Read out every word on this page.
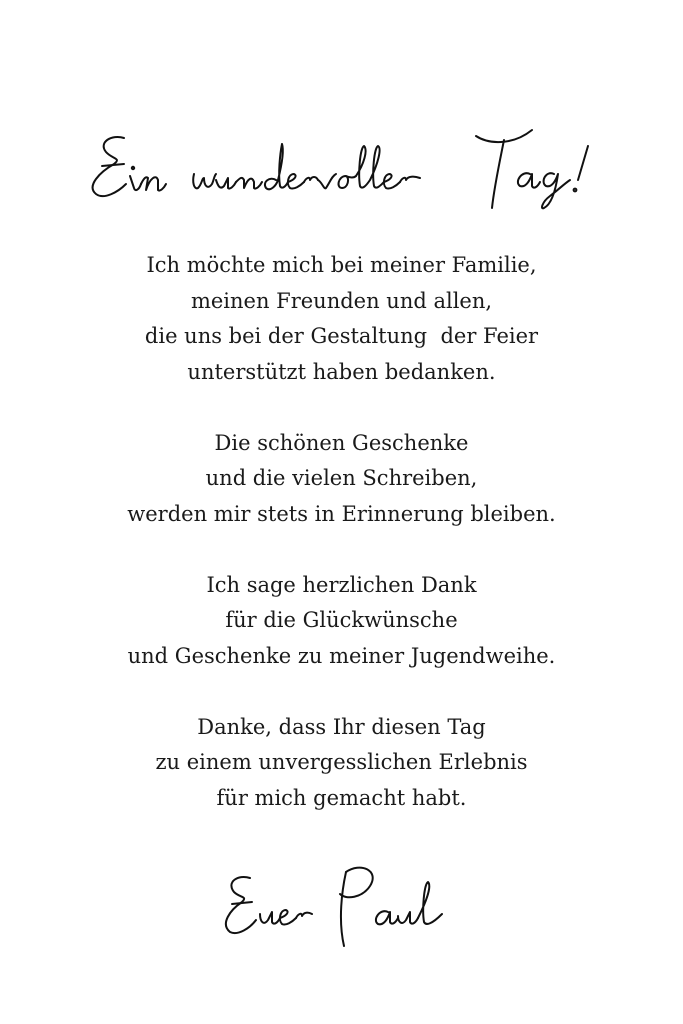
Ich möchte mich bei meiner Familie,
meinen Freunden und allen,
die uns bei der Gestaltung  der Feier
unterstützt haben bedanken.

Die schönen Geschenke
und die vielen Schreiben,
werden mir stets in Erinnerung bleiben.

Ich sage herzlichen Dank
für die Glückwünsche
und Geschenke zu meiner Jugendweihe.

Danke, dass Ihr diesen Tag
zu einem unvergesslichen Erlebnis
für mich gemacht habt.
